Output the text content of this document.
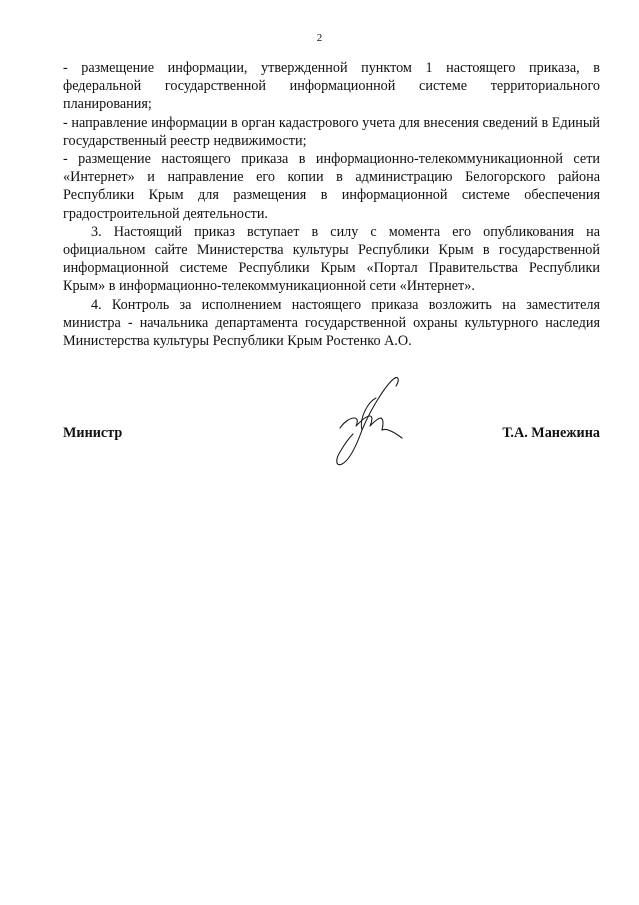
2

- размещение информации, утвержденной пунктом 1 настоящего приказа, в федеральной государственной информационной системе территориального планирования;

- направление информации в орган кадастрового учета для внесения сведений в Единый государственный реестр недвижимости;

- размещение настоящего приказа в информационно-телекоммуникационной сети «Интернет» и направление его копии в администрацию Белогорского района Республики Крым для размещения в информационной системе обеспечения градостроительной деятельности.

3. Настоящий приказ вступает в силу с момента его опубликования на официальном сайте Министерства культуры Республики Крым в государственной информационной системе Республики Крым «Портал Правительства Республики Крым» в информационно-телекоммуникационной сети «Интернет».

4. Контроль за исполнением настоящего приказа возложить на заместителя министра - начальника департамента государственной охраны культурного наследия Министерства культуры Республики Крым Ростенко А.О.

Министр	Т.А. Манежина
